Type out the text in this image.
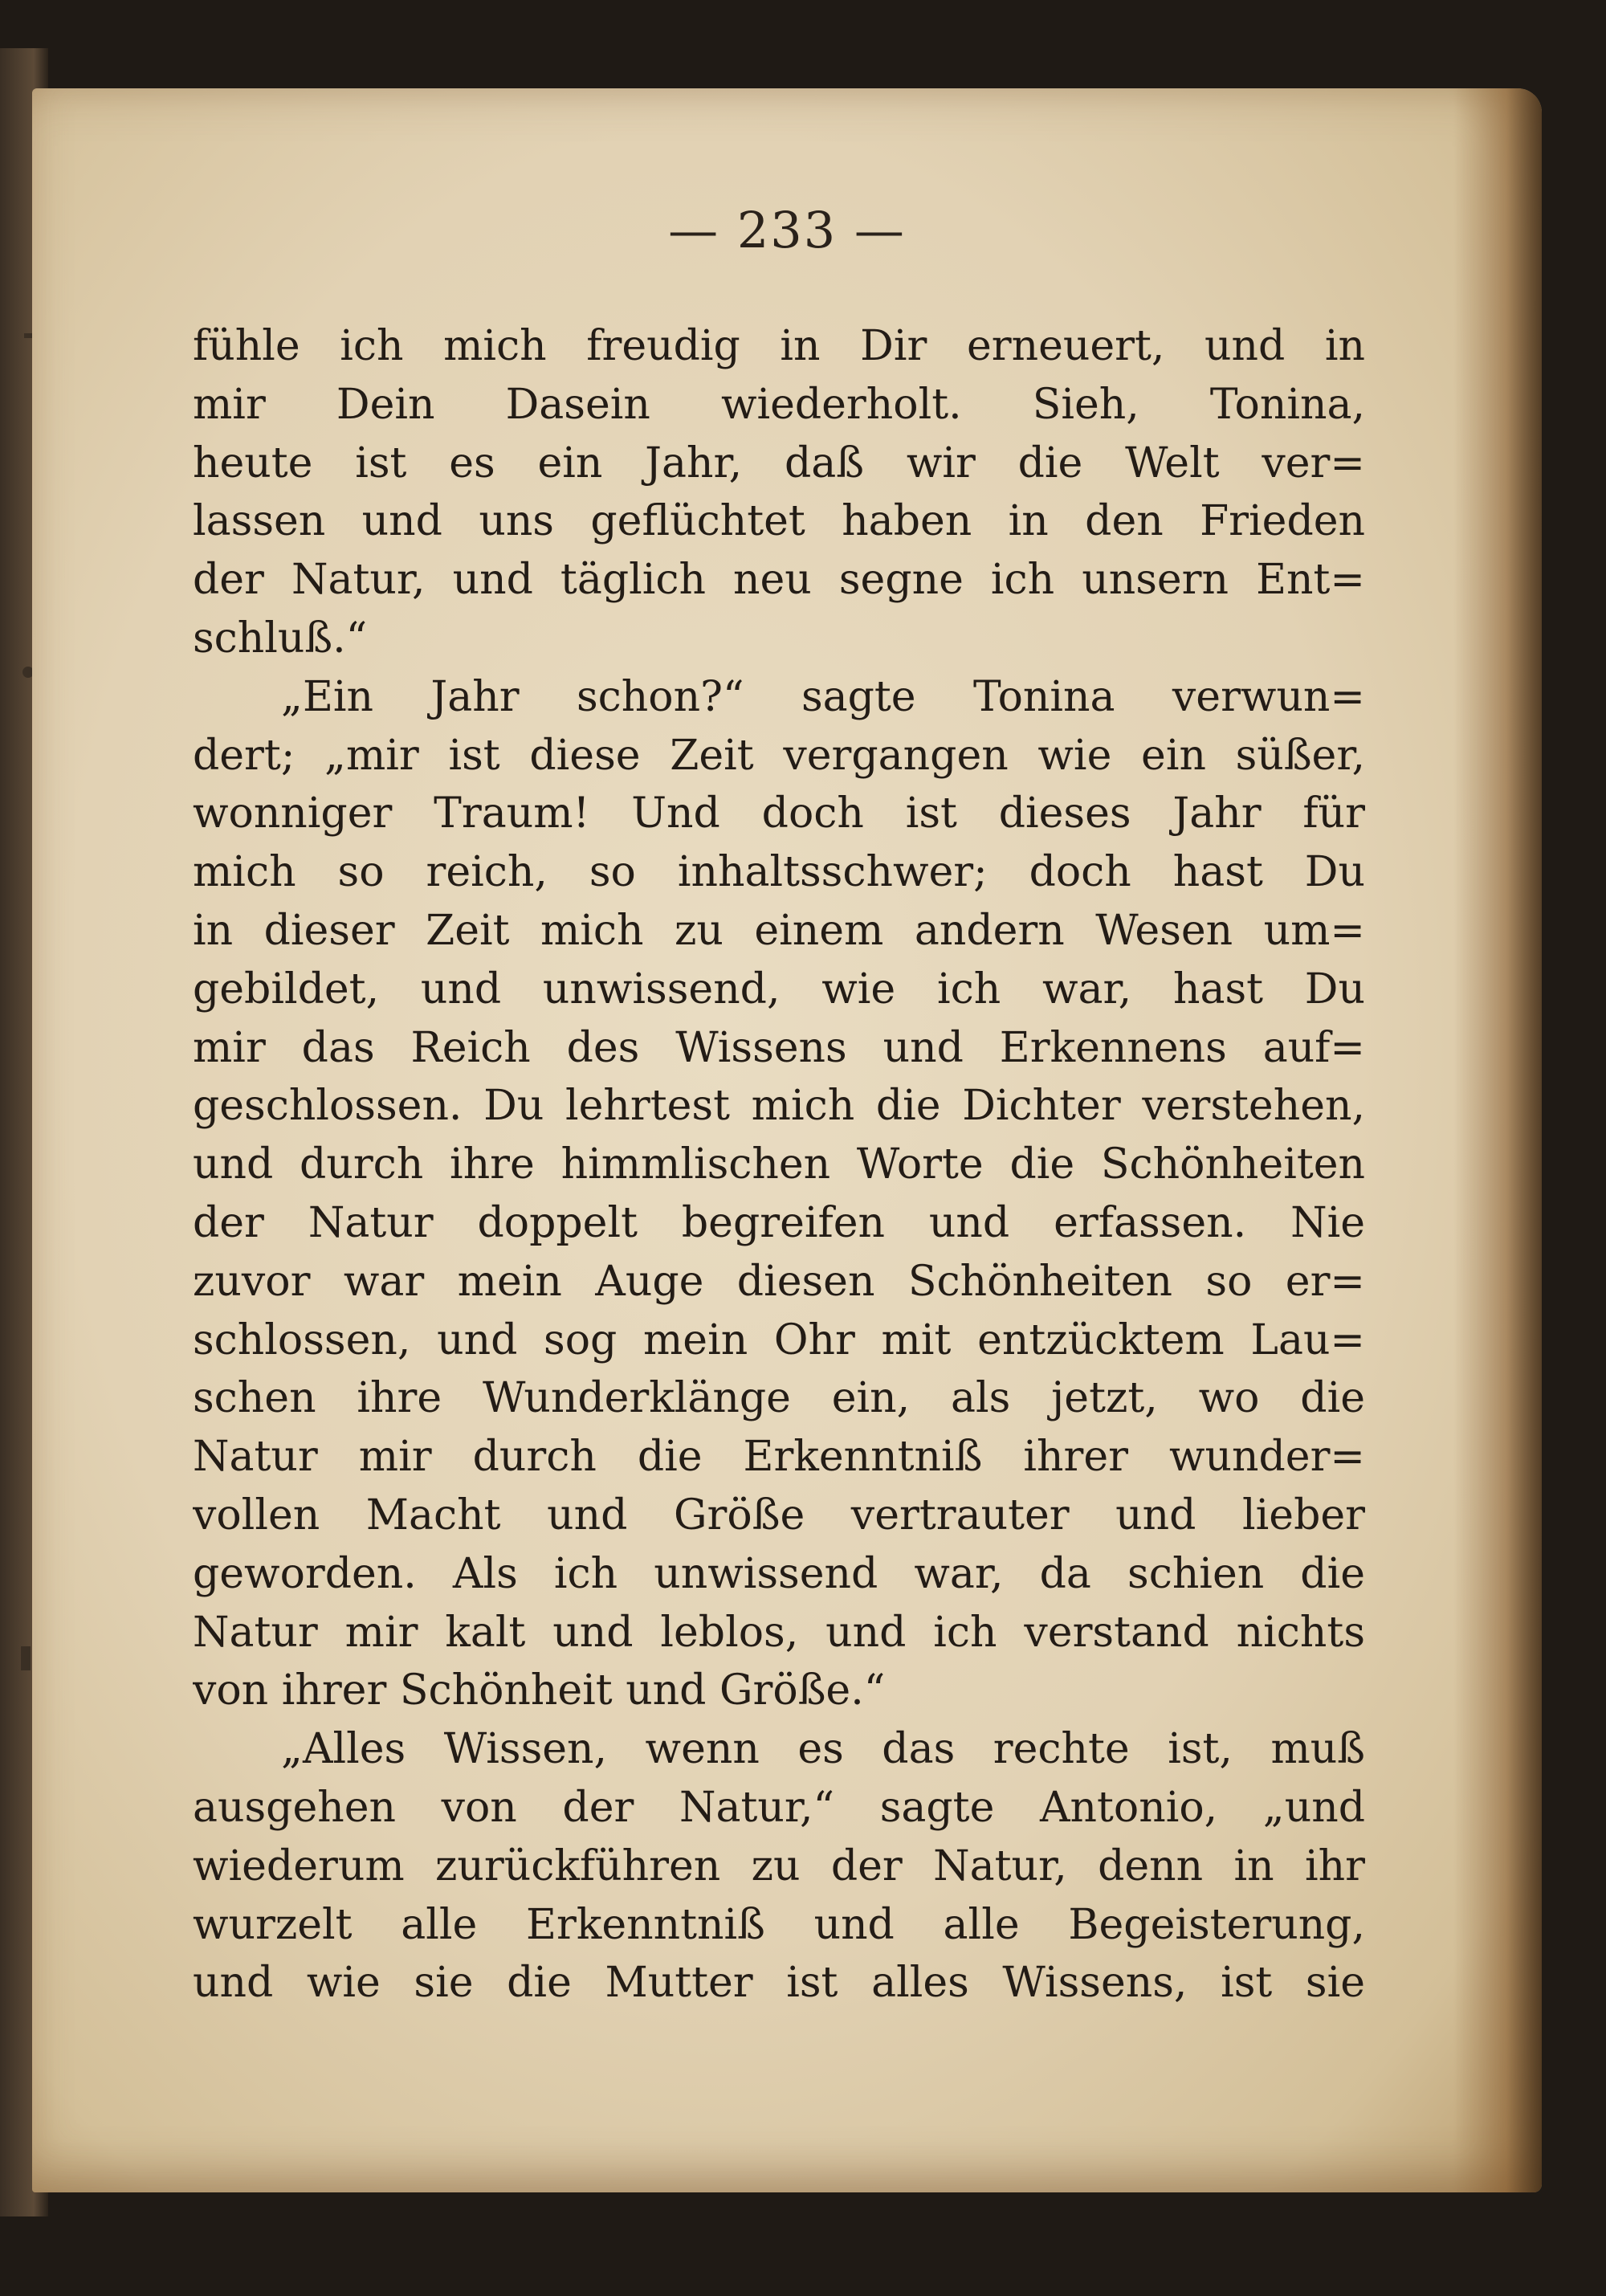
— 233 —
fühle ich mich freudig in Dir erneuert, und in
mir Dein Dasein wiederholt. Sieh, Tonina,
heute ist es ein Jahr, daß wir die Welt ver=
lassen und uns geflüchtet haben in den Frieden
der Natur, und täglich neu segne ich unsern Ent=
schluß.“
„Ein Jahr schon?“ sagte Tonina verwun=
dert; „mir ist diese Zeit vergangen wie ein süßer,
wonniger Traum! Und doch ist dieses Jahr für
mich so reich, so inhaltsschwer; doch hast Du
in dieser Zeit mich zu einem andern Wesen um=
gebildet, und unwissend, wie ich war, hast Du
mir das Reich des Wissens und Erkennens auf=
geschlossen. Du lehrtest mich die Dichter verstehen,
und durch ihre himmlischen Worte die Schönheiten
der Natur doppelt begreifen und erfassen. Nie
zuvor war mein Auge diesen Schönheiten so er=
schlossen, und sog mein Ohr mit entzücktem Lau=
schen ihre Wunderklänge ein, als jetzt, wo die
Natur mir durch die Erkenntniß ihrer wunder=
vollen Macht und Größe vertrauter und lieber
geworden. Als ich unwissend war, da schien die
Natur mir kalt und leblos, und ich verstand nichts
von ihrer Schönheit und Größe.“
„Alles Wissen, wenn es das rechte ist, muß
ausgehen von der Natur,“ sagte Antonio, „und
wiederum zurückführen zu der Natur, denn in ihr
wurzelt alle Erkenntniß und alle Begeisterung,
und wie sie die Mutter ist alles Wissens, ist sie
